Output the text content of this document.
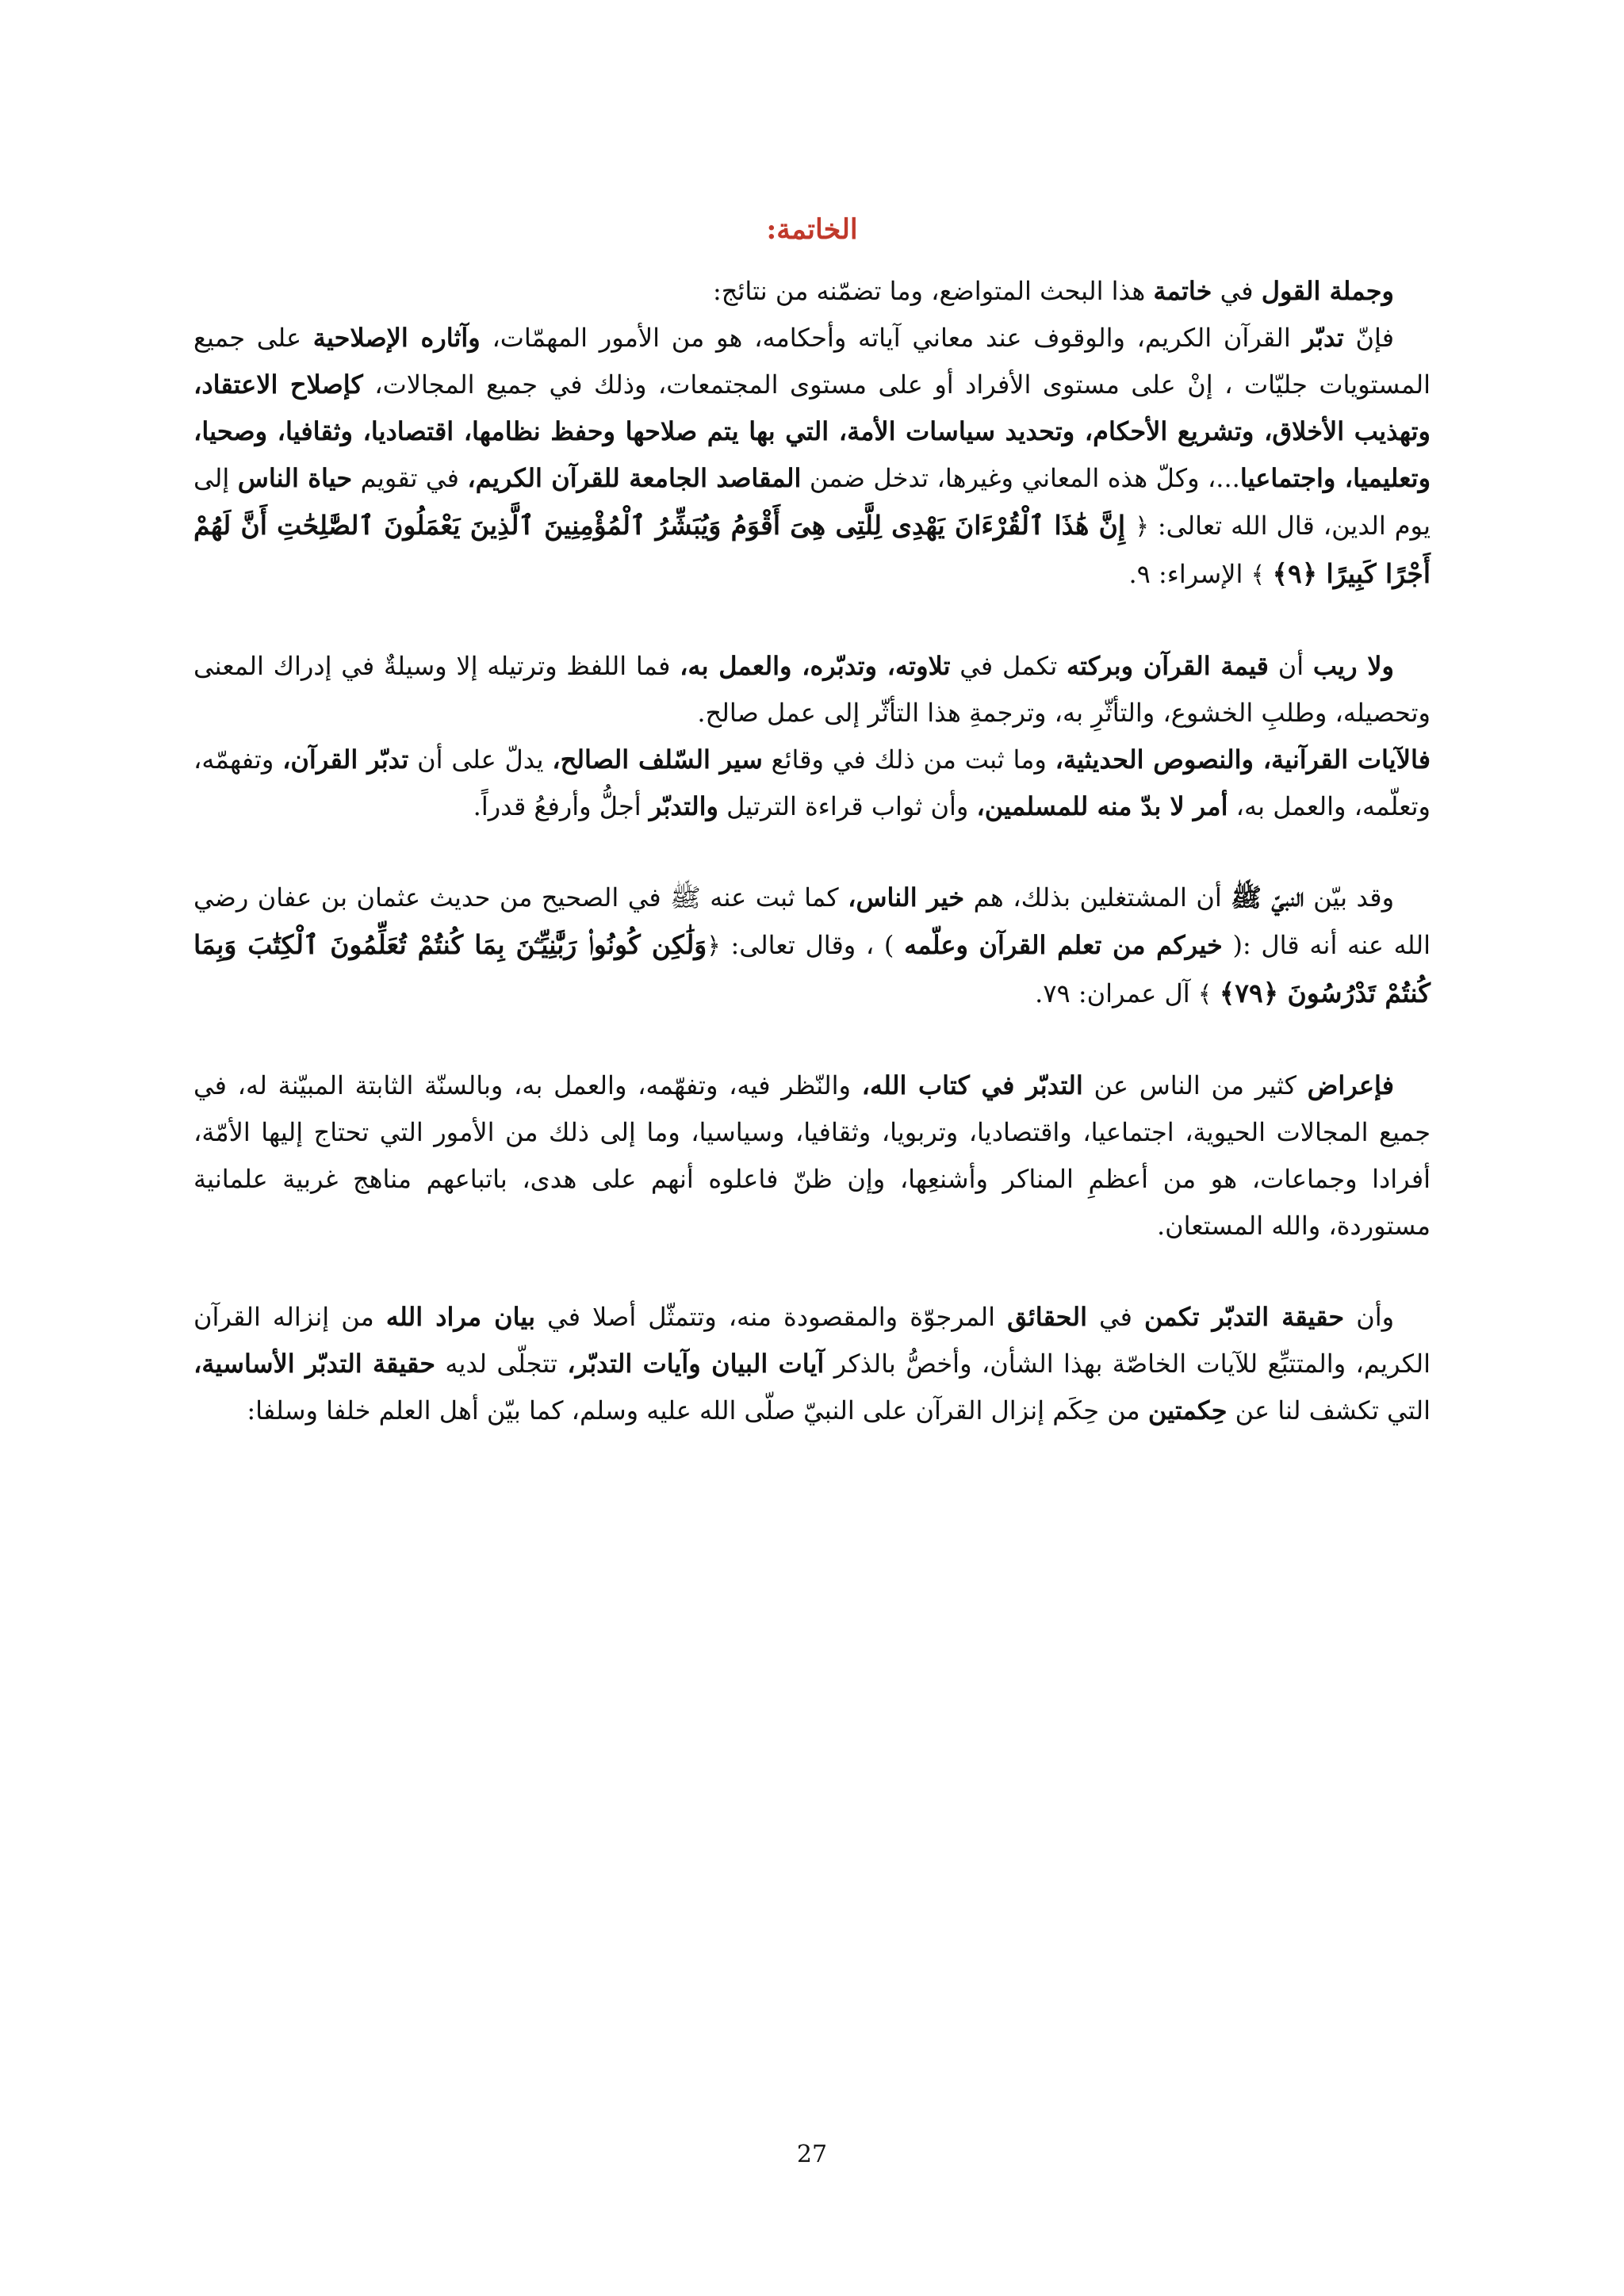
الخاتمة:

وجملة القول في خاتمة هذا البحث المتواضع، وما تضمّنه من نتائج:

فإنّ تدبّر القرآن الكريم، والوقوف عند معاني آياته وأحكامه، هو من الأمور المهمّات، وآثاره الإصلاحية على جميع المستويات جليّات ، إنْ على مستوى الأفراد أو على مستوى المجتمعات، وذلك في جميع المجالات، كإصلاح الاعتقاد، وتهذيب الأخلاق، وتشريع الأحكام، وتحديد سياسات الأمة، التي بها يتم صلاحها وحفظ نظامها، اقتصاديا، وثقافيا، وصحيا، وتعليميا، واجتماعيا...، وكلّ هذه المعاني وغيرها، تدخل ضمن المقاصد الجامعة للقرآن الكريم، في تقويم حياة الناس إلى يوم الدين، قال الله تعالى: ﴿ إِنَّ هَٰذَا ٱلْقُرْءَانَ يَهْدِى لِلَّتِى هِىَ أَقْوَمُ وَيُبَشِّرُ ٱلْمُؤْمِنِينَ ٱلَّذِينَ يَعْمَلُونَ ٱلصَّٰلِحَٰتِ أَنَّ لَهُمْ أَجْرًا كَبِيرًا ﴿٩﴾ ﴾ الإسراء: ٩.

ولا ريب أن قيمة القرآن وبركته تكمل في تلاوته، وتدبّره، والعمل به، فما اللفظ وترتيله إلا وسيلةٌ في إدراك المعنى وتحصيله، وطلبِ الخشوع، والتأثّرِ به، وترجمةِ هذا التأثّر إلى عمل صالح.

فالآيات القرآنية، والنصوص الحديثية، وما ثبت من ذلك في وقائع سير السّلف الصالح، يدلّ على أن تدبّر القرآن، وتفهمّه، وتعلّمه، والعمل به، أمر لا بدّ منه للمسلمين، وأن ثواب قراءة الترتيل والتدبّر أجلُّ وأرفعُ قدراً.

وقد بيّن النبيّ ﷺ أن المشتغلين بذلك، هم خير الناس، كما ثبت عنه ﷺ في الصحيح من حديث عثمان بن عفان رضي الله عنه أنه قال :( خيركم من تعلم القرآن وعلّمه ) ، وقال تعالى: ﴿وَلَٰكِن كُونُوا۟ رَبَّٰنِيِّـۧنَ بِمَا كُنتُمْ تُعَلِّمُونَ ٱلْكِتَٰبَ وَبِمَا كُنتُمْ تَدْرُسُونَ ﴿٧٩﴾ ﴾ آل عمران: ٧٩.

فإعراض كثير من الناس عن التدبّر في كتاب الله، والنّظر فيه، وتفهّمه، والعمل به، وبالسنّة الثابتة المبيّنة له، في جميع المجالات الحيوية، اجتماعيا، واقتصاديا، وتربويا، وثقافيا، وسياسيا، وما إلى ذلك من الأمور التي تحتاج إليها الأمّة، أفرادا وجماعات، هو من أعظمِ المناكر وأشنعِها، وإن ظنّ فاعلوه أنهم على هدى، باتباعهم مناهج غربية علمانية مستوردة، والله المستعان.

وأن حقيقة التدبّر تكمن في الحقائق المرجوّة والمقصودة منه، وتتمثّل أصلا في بيان مراد الله من إنزاله القرآن الكريم، والمتتبِّع للآيات الخاصّة بهذا الشأن، وأخصُّ بالذكر آيات البيان وآيات التدبّر، تتجلّى لديه حقيقة التدبّر الأساسية، التي تكشف لنا عن حِكمتين من حِكَم إنزال القرآن على النبيّ صلّى الله عليه وسلم، كما بيّن أهل العلم خلفا وسلفا:

27
